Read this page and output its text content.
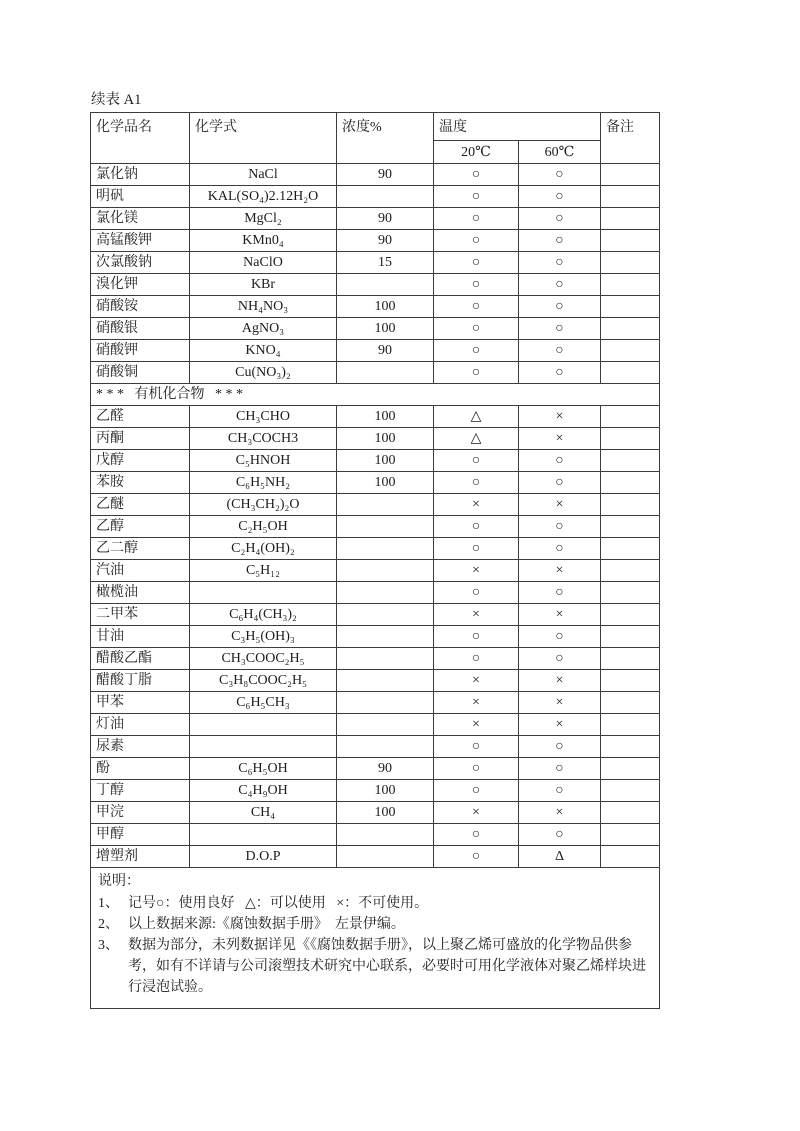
续表 A1
化学品名	化学式	浓度%	温度		备注
			20℃	60℃	
氯化钠	NaCl	90	○	○	
明矾	KAL(SO₄)2.12H₂O		○	○	
氯化镁	MgCl₂	90	○	○	
高锰酸钾	KMn0₄	90	○	○	
次氯酸钠	NaClO	15	○	○	
溴化钾	KBr		○	○	
硝酸铵	NH₄NO₃	100	○	○	
硝酸银	AgNO₃	100	○	○	
硝酸钾	KNO₄	90	○	○	
硝酸铜	Cu(NO₃)₂		○	○	
* * *   有机化合物   * * *					
乙醛	CH₃CHO	100	△	×	
丙酮	CH₃COCH3	100	△	×	
戊醇	C₅HNOH	100	○	○	
苯胺	C₆H₅NH₂	100	○	○	
乙醚	(CH₃CH₂)₂O		×	×	
乙醇	C₂H₅OH		○	○	
乙二醇	C₂H₄(OH)₂		○	○	
汽油	C₅H₁₂		×	×	
橄榄油			○	○	
二甲苯	C₆H₄(CH₃)₂		×	×	
甘油	C₃H₅(OH)₃		○	○	
醋酸乙酯	CH₃COOC₂H₅		○	○	
醋酸丁脂	C₃H₈COOC₂H₅		×	×	
甲苯	C₆H₅CH₃		×	×	
灯油			×	×	
尿素			○	○	
酚	C₆H₅OH	90	○	○	
丁醇	C₄H₉OH	100	○	○	
甲浣	CH₄	100	×	×	
甲醇			○	○	
增塑剂	D.O.P		○	Δ	

说明：
1、 记号○：使用良好   △：可以使用   ×：不可使用。
2、 以上数据来源:《腐蚀数据手册》  左景伊编。
3、 数据为部分，未列数据详见《《腐蚀数据手册》，以上聚乙烯可盛放的化学物品供参考，如有不详请与公司滚塑技术研究中心联系，必要时可用化学液体对聚乙烯样块进行浸泡试验。
